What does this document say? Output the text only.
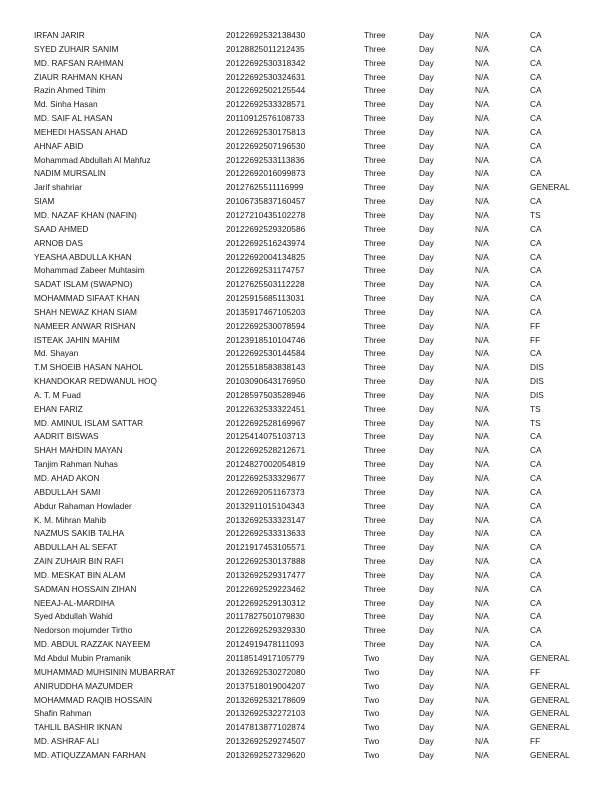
IRFAN JARIR	20122692532138430	Three	Day	N/A	CA
SYED ZUHAIR SANIM	20128825011212435	Three	Day	N/A	CA
MD. RAFSAN RAHMAN	20122692530318342	Three	Day	N/A	CA
ZIAUR RAHMAN KHAN	20122692530324631	Three	Day	N/A	CA
Razin Ahmed Tihim	20122692502125544	Three	Day	N/A	CA
Md. Sinha Hasan	20122692533328571	Three	Day	N/A	CA
MD. SAIF AL HASAN	20110912576108733	Three	Day	N/A	CA
MEHEDI HASSAN AHAD	20122692530175813	Three	Day	N/A	CA
AHNAF ABID	20122692507196530	Three	Day	N/A	CA
Mohammad Abdullah Al Mahfuz	20122692533113836	Three	Day	N/A	CA
NADIM MURSALIN	20122692016099873	Three	Day	N/A	CA
Jarif shahriar	20127625511116999	Three	Day	N/A	GENERAL
SIAM	20106735837160457	Three	Day	N/A	CA
MD. NAZAF KHAN (NAFIN)	20127210435102278	Three	Day	N/A	TS
SAAD AHMED	20122692529320586	Three	Day	N/A	CA
ARNOB DAS	20122692516243974	Three	Day	N/A	CA
YEASHA ABDULLA KHAN	20122692004134825	Three	Day	N/A	CA
Mohammad Zabeer Muhtasim	20122692531174757	Three	Day	N/A	CA
SADAT ISLAM (SWAPNO)	20127625503112228	Three	Day	N/A	CA
MOHAMMAD SIFAAT KHAN	20125915685113031	Three	Day	N/A	CA
SHAH NEWAZ KHAN SIAM	20135917467105203	Three	Day	N/A	CA
NAMEER ANWAR RISHAN	20122692530078594	Three	Day	N/A	FF
ISTEAK JAHIN MAHIM	20123918510104746	Three	Day	N/A	FF
Md. Shayan	20122692530144584	Three	Day	N/A	CA
T.M SHOEIB HASAN NAHOL	20125518583838143	Three	Day	N/A	DIS
KHANDOKAR REDWANUL HOQ	20103090643176950	Three	Day	N/A	DIS
A. T. M Fuad	20128597503528946	Three	Day	N/A	DIS
EHAN FARIZ	20122632533322451	Three	Day	N/A	TS
MD. AMINUL ISLAM SATTAR	20122692528169967	Three	Day	N/A	TS
AADRIT BISWAS	20125414075103713	Three	Day	N/A	CA
SHAH MAHDIN MAYAN	20122692528212671	Three	Day	N/A	CA
Tanjim Rahman Nuhas	20124827002054819	Three	Day	N/A	CA
MD. AHAD AKON	20122692533329677	Three	Day	N/A	CA
ABDULLAH SAMI	20122692051167373	Three	Day	N/A	CA
Abdur Rahaman Howlader	20132911015104343	Three	Day	N/A	CA
K. M. Mihran Mahib	20132692533323147	Three	Day	N/A	CA
NAZMUS SAKIB TALHA	20122692533313633	Three	Day	N/A	CA
ABDULLAH AL SEFAT	20121917453105571	Three	Day	N/A	CA
ZAIN ZUHAIR BIN RAFI	20122692530137888	Three	Day	N/A	CA
MD. MESKAT BIN ALAM	20132692529317477	Three	Day	N/A	CA
SADMAN HOSSAIN ZIHAN	20122692529223462	Three	Day	N/A	CA
NEEAJ-AL-MARDIHA	20122692529130312	Three	Day	N/A	CA
Syed Abdullah Wahid	20117827501079830	Three	Day	N/A	CA
Nedorson mojumder Tirtho	20122692529329330	Three	Day	N/A	CA
MD. ABDUL RAZZAK NAYEEM	20124919478111093	Three	Day	N/A	CA
Md Abdul Mubin Pramanik	20118514917105779	Two	Day	N/A	GENERAL
MUHAMMAD MUHSININ MUBARRAT	20132692530272080	Two	Day	N/A	FF
ANIRUDDHA MAZUMDER	20137518019004207	Two	Day	N/A	GENERAL
MOHAMMAD RAQIB HOSSAIN	20132692532178609	Two	Day	N/A	GENERAL
Shafin Rahman	20132692532272103	Two	Day	N/A	GENERAL
TAHLIL BASHIR IKNAN	20147813877102874	Two	Day	N/A	GENERAL
MD. ASHRAF ALI	20132692529274507	Two	Day	N/A	FF
MD. ATIQUZZAMAN FARHAN	20132692527329620	Two	Day	N/A	GENERAL
